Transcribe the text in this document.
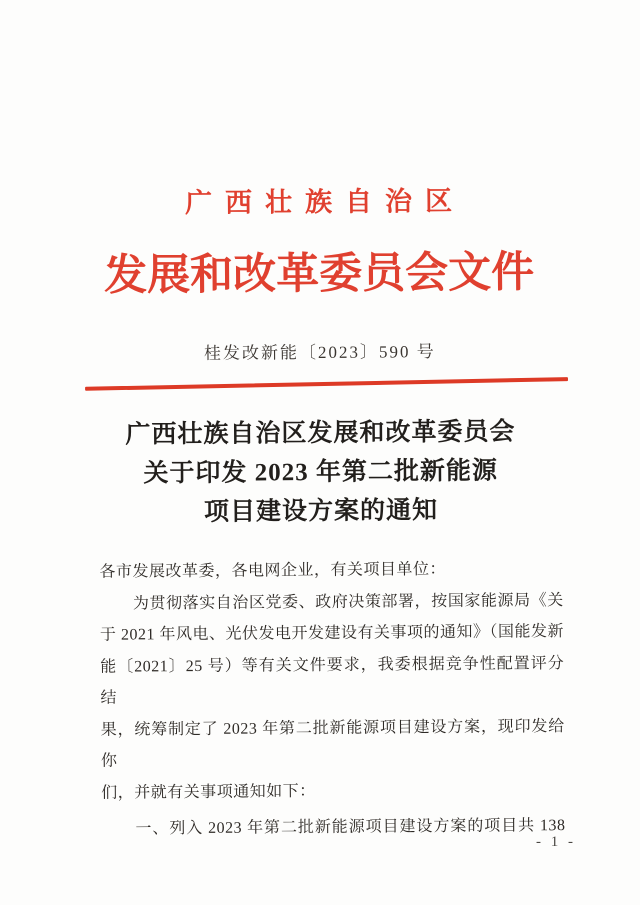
广西壮族自治区
发展和改革委员会文件
桂发改新能〔2023〕590 号
广西壮族自治区发展和改革委员会
关于印发 2023 年第二批新能源
项目建设方案的通知
各市发展改革委，各电网企业，有关项目单位：
　　为贯彻落实自治区党委、政府决策部署，按国家能源局《关
于 2021 年风电、光伏发电开发建设有关事项的通知》（国能发新
能〔2021〕25 号）等有关文件要求，我委根据竞争性配置评分结
果，统筹制定了 2023 年第二批新能源项目建设方案，现印发给你
们，并就有关事项通知如下：
　　一、列入 2023 年第二批新能源项目建设方案的项目共 138
- 1 -
